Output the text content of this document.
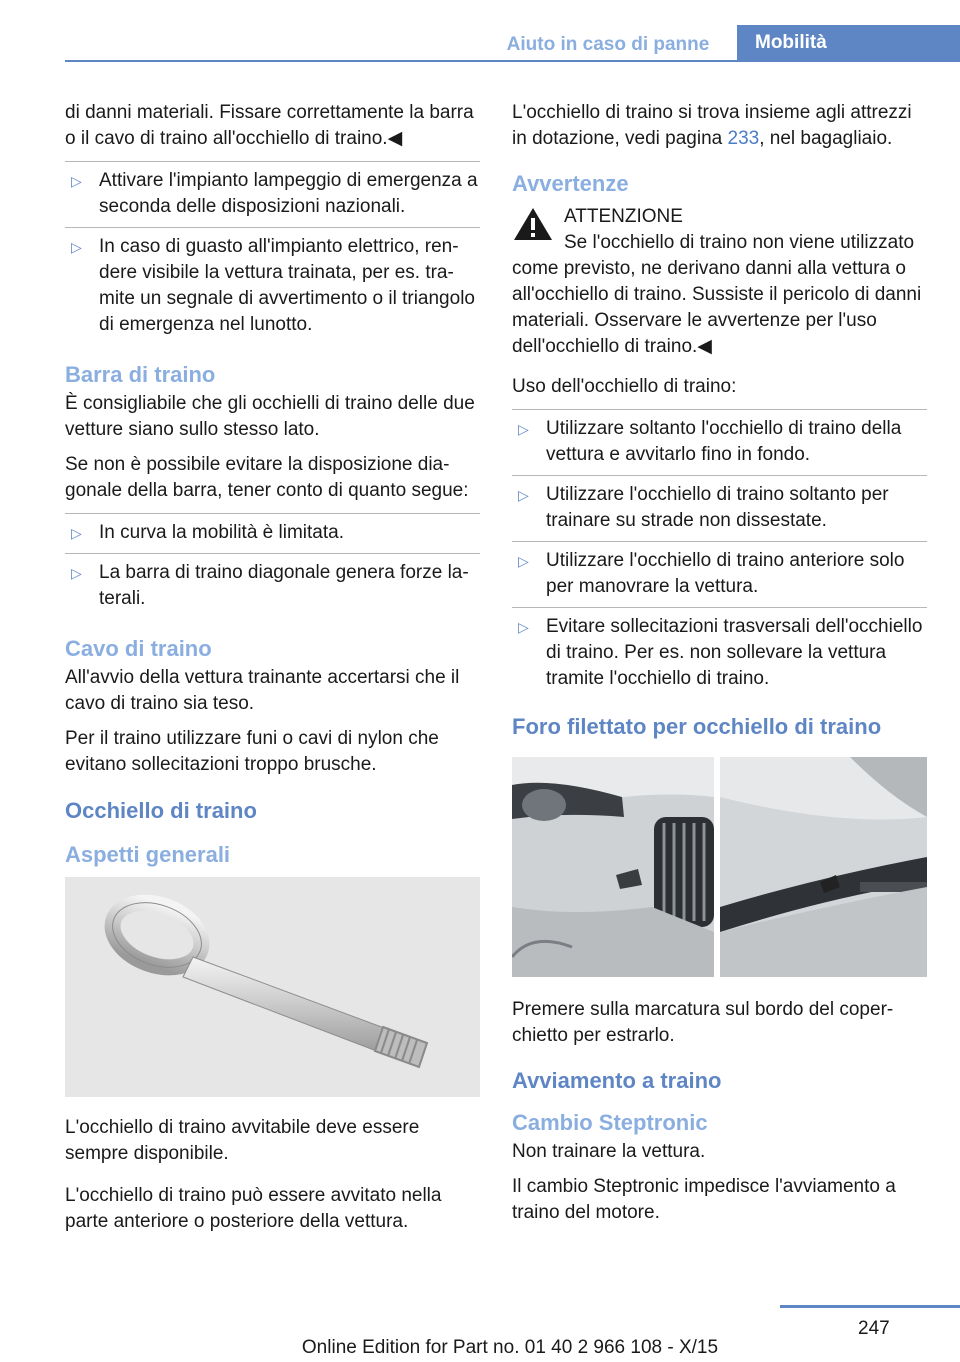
Aiuto in caso di panne	Mobilità

di danni materiali. Fissare correttamente la barra o il cavo di traino all'occhiello di traino.◀

▷ Attivare l'impianto lampeggio di emergenza a seconda delle disposizioni nazionali.
▷ In caso di guasto all'impianto elettrico, rendere visibile la vettura trainata, per es. tramite un segnale di avvertimento o il triangolo di emergenza nel lunotto.
Barra di traino

È consigliabile che gli occhielli di traino delle due vetture siano sullo stesso lato.

Se non è possibile evitare la disposizione diagonale della barra, tener conto di quanto segue:

▷ In curva la mobilità è limitata.
▷ La barra di traino diagonale genera forze laterali.
Cavo di traino

All'avvio della vettura trainante accertarsi che il cavo di traino sia teso.

Per il traino utilizzare funi o cavi di nylon che evitano sollecitazioni troppo brusche.

Occhiello di traino
Aspetti generali

L'occhiello di traino avvitabile deve essere sempre disponibile.

L'occhiello di traino può essere avvitato nella parte anteriore o posteriore della vettura.

L'occhiello di traino si trova insieme agli attrezzi in dotazione, vedi pagina 233, nel bagagliaio.

Avvertenze
ATTENZIONE

Se l'occhiello di traino non viene utilizzato come previsto, ne derivano danni alla vettura o all'occhiello di traino. Sussiste il pericolo di danni materiali. Osservare le avvertenze per l'uso dell'occhiello di traino.◀

Uso dell'occhiello di traino:

▷ Utilizzare soltanto l'occhiello di traino della vettura e avvitarlo fino in fondo.
▷ Utilizzare l'occhiello di traino soltanto per trainare su strade non dissestate.
▷ Utilizzare l'occhiello di traino anteriore solo per manovrare la vettura.
▷ Evitare sollecitazioni trasversali dell'occhiello di traino. Per es. non sollevare la vettura tramite l'occhiello di traino.
Foro filettato per occhiello di traino

Premere sulla marcatura sul bordo del coperchietto per estrarlo.

Avviamento a traino
Cambio Steptronic

Non trainare la vettura.

Il cambio Steptronic impedisce l'avviamento a traino del motore.

247
Online Edition for Part no. 01 40 2 966 108 - X/15
